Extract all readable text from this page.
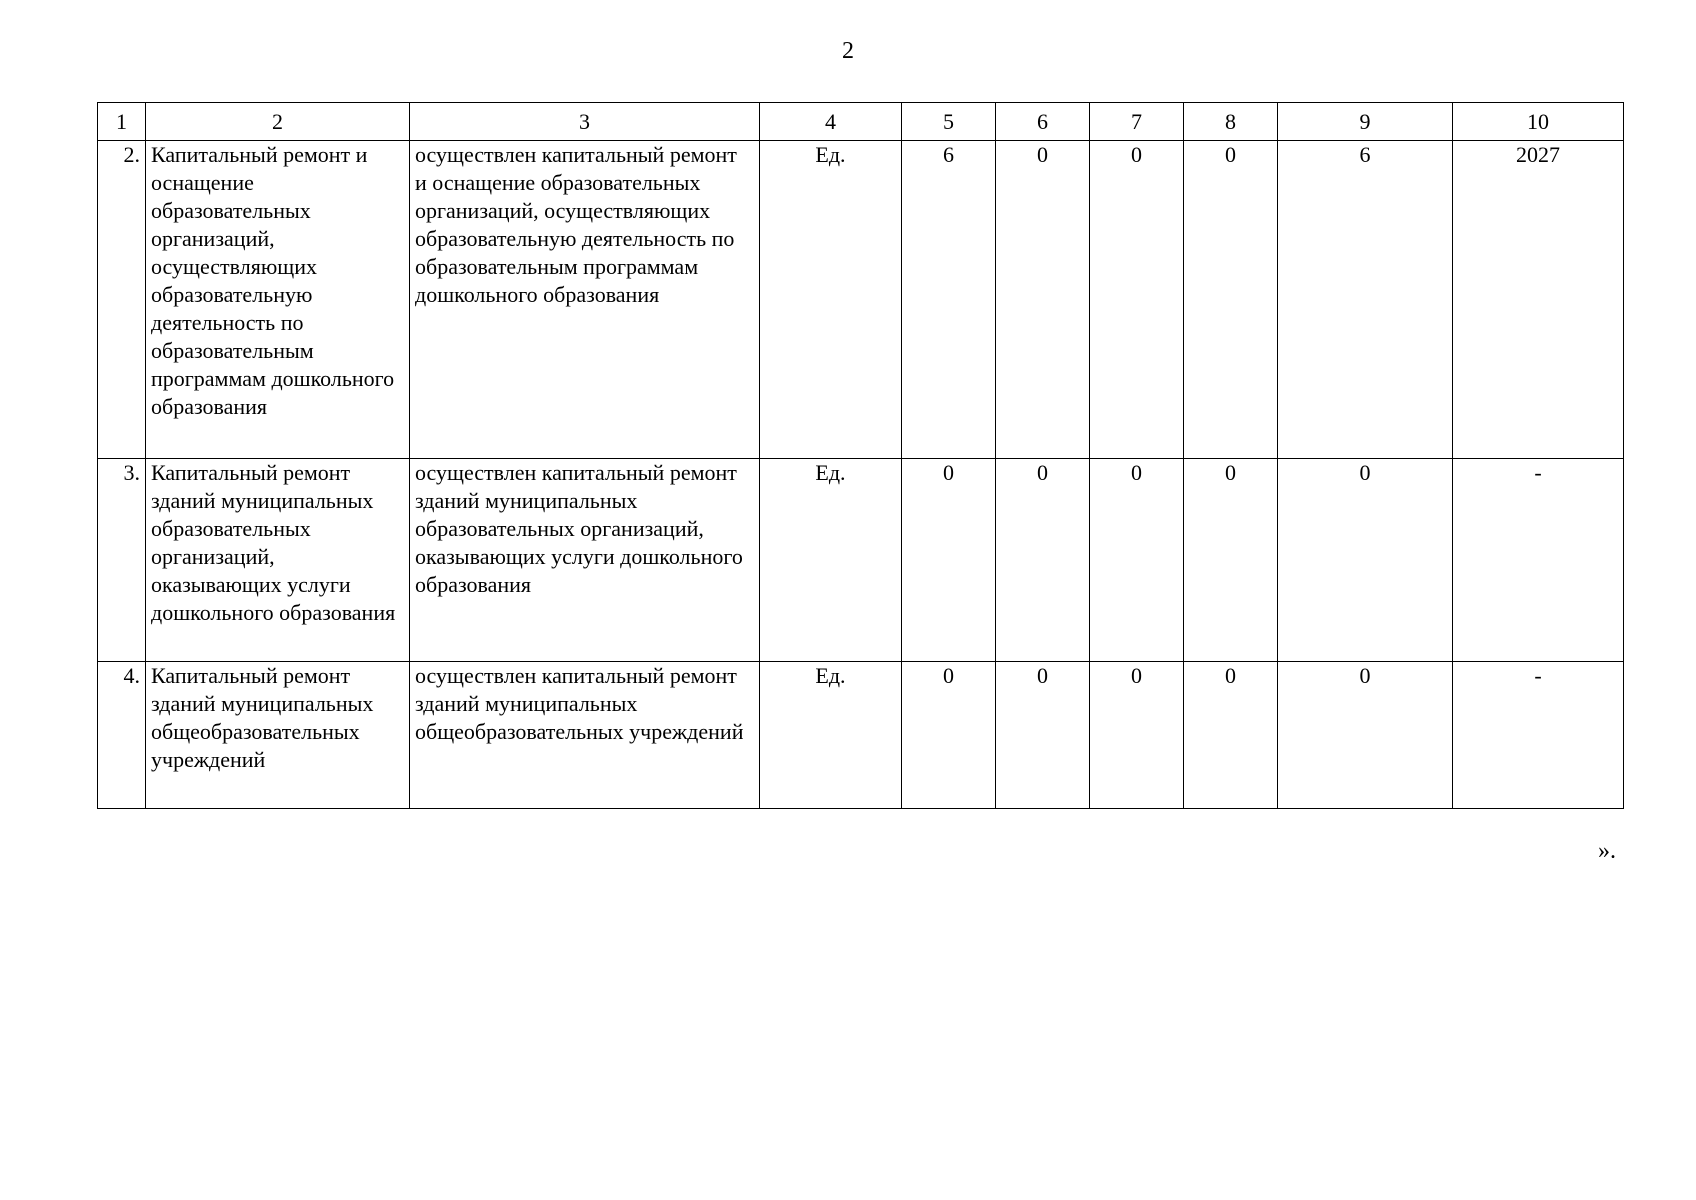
2
1	2	3	4	5	6	7	8	9	10
2.	Капитальный ремонт и оснащение образовательных организаций, осуществляющих образовательную деятельность по образовательным программам дошкольного образования	осуществлен капитальный ремонт и оснащение образовательных организаций, осуществляющих образовательную деятельность по образовательным программам дошкольного образования	Ед.	6	0	0	0	6	2027
3.	Капитальный ремонт зданий муниципальных образовательных организаций, оказывающих услуги дошкольного образования	осуществлен капитальный ремонт зданий муниципальных образовательных организаций, оказывающих услуги дошкольного образования	Ед.	0	0	0	0	0	-
4.	Капитальный ремонт зданий муниципальных общеобразовательных учреждений	осуществлен капитальный ремонт зданий муниципальных общеобразовательных учреждений	Ед.	0	0	0	0	0	-
».
